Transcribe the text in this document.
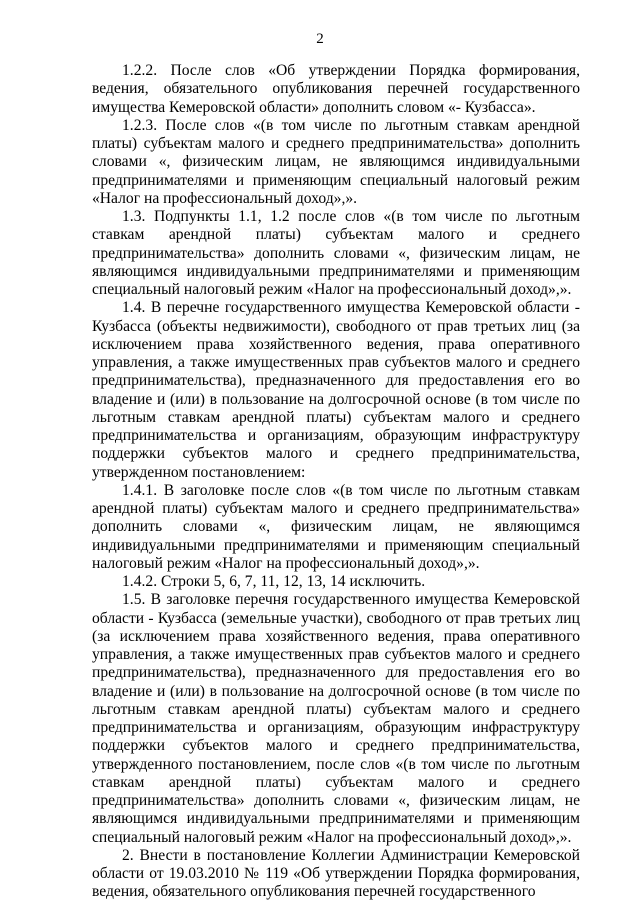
2

1.2.2. После слов «Об утверждении Порядка формирования, ведения, обязательного опубликования перечней государственного имущества Кемеровской области» дополнить словом «- Кузбасса».

1.2.3. После слов «(в том числе по льготным ставкам арендной платы) субъектам малого и среднего предпринимательства» дополнить словами «, физическим лицам, не являющимся индивидуальными предпринимателями и применяющим специальный налоговый режим «Налог на профессиональный доход»,».

1.3. Подпункты 1.1, 1.2 после слов «(в том числе по льготным ставкам арендной платы) субъектам малого и среднего предпринимательства» дополнить словами «, физическим лицам, не являющимся индивидуальными предпринимателями и применяющим специальный налоговый режим «Налог на профессиональный доход»,».

1.4. В перечне государственного имущества Кемеровской области - Кузбасса (объекты недвижимости), свободного от прав третьих лиц (за исключением права хозяйственного ведения, права оперативного управления, а также имущественных прав субъектов малого и среднего предпринимательства), предназначенного для предоставления его во владение и (или) в пользование на долгосрочной основе (в том числе по льготным ставкам арендной платы) субъектам малого и среднего предпринимательства и организациям, образующим инфраструктуру поддержки субъектов малого и среднего предпринимательства, утвержденном постановлением:

1.4.1. В заголовке после слов «(в том числе по льготным ставкам арендной платы) субъектам малого и среднего предпринимательства» дополнить словами «, физическим лицам, не являющимся индивидуальными предпринимателями и применяющим специальный налоговый режим «Налог на профессиональный доход»,».

1.4.2. Строки 5, 6, 7, 11, 12, 13, 14 исключить.

1.5. В заголовке перечня государственного имущества Кемеровской области - Кузбасса (земельные участки), свободного от прав третьих лиц (за исключением права хозяйственного ведения, права оперативного управления, а также имущественных прав субъектов малого и среднего предпринимательства), предназначенного для предоставления его во владение и (или) в пользование на долгосрочной основе (в том числе по льготным ставкам арендной платы) субъектам малого и среднего предпринимательства и организациям, образующим инфраструктуру поддержки субъектов малого и среднего предпринимательства, утвержденного постановлением, после слов «(в том числе по льготным ставкам арендной платы) субъектам малого и среднего предпринимательства» дополнить словами «, физическим лицам, не являющимся индивидуальными предпринимателями и применяющим специальный налоговый режим «Налог на профессиональный доход»,».

2. Внести в постановление Коллегии Администрации Кемеровской области от 19.03.2010 № 119 «Об утверждении Порядка формирования, ведения, обязательного опубликования перечней государственного
